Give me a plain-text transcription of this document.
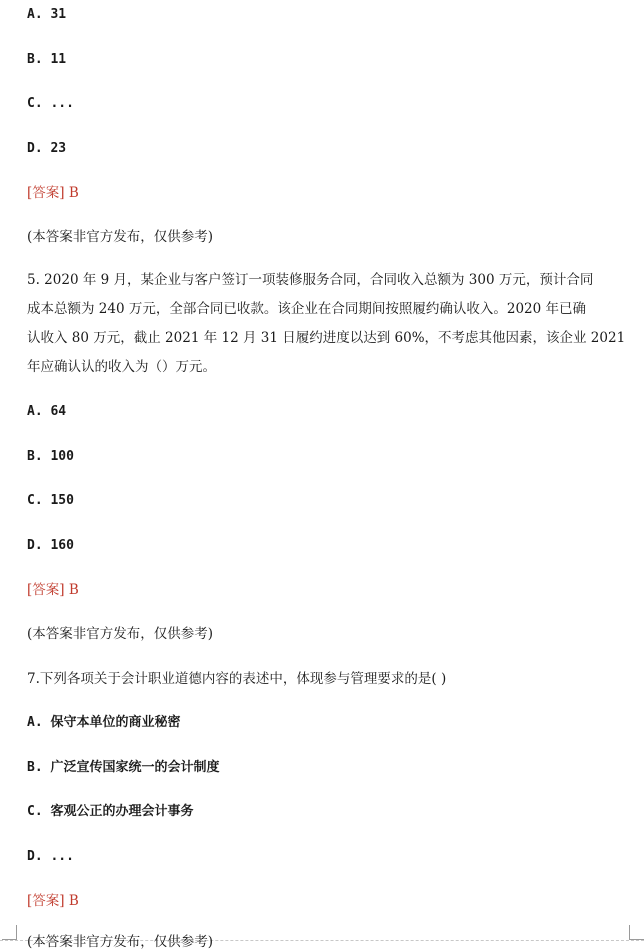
A. 31
B. 11
C. ...
D. 23
[答案] B
(本答案非官方发布，仅供参考)
5. 2020 年 9 月，某企业与客户签订一项装修服务合同，合同收入总额为 300 万元，预计合同
成本总额为 240 万元，全部合同已收款。该企业在合同期间按照履约确认收入。2020 年已确
认收入 80 万元，截止 2021 年 12 月 31 日履约进度以达到 60%，不考虑其他因素，该企业 2021
年应确认认的收入为（）万元。
A. 64
B. 100
C. 150
D. 160
[答案] B
(本答案非官方发布，仅供参考)
7.下列各项关于会计职业道德内容的表述中，体现参与管理要求的是( )
A. 保守本单位的商业秘密
B. 广泛宣传国家统一的会计制度
C. 客观公正的办理会计事务
D. ...
[答案] B
(本答案非官方发布，仅供参考)
